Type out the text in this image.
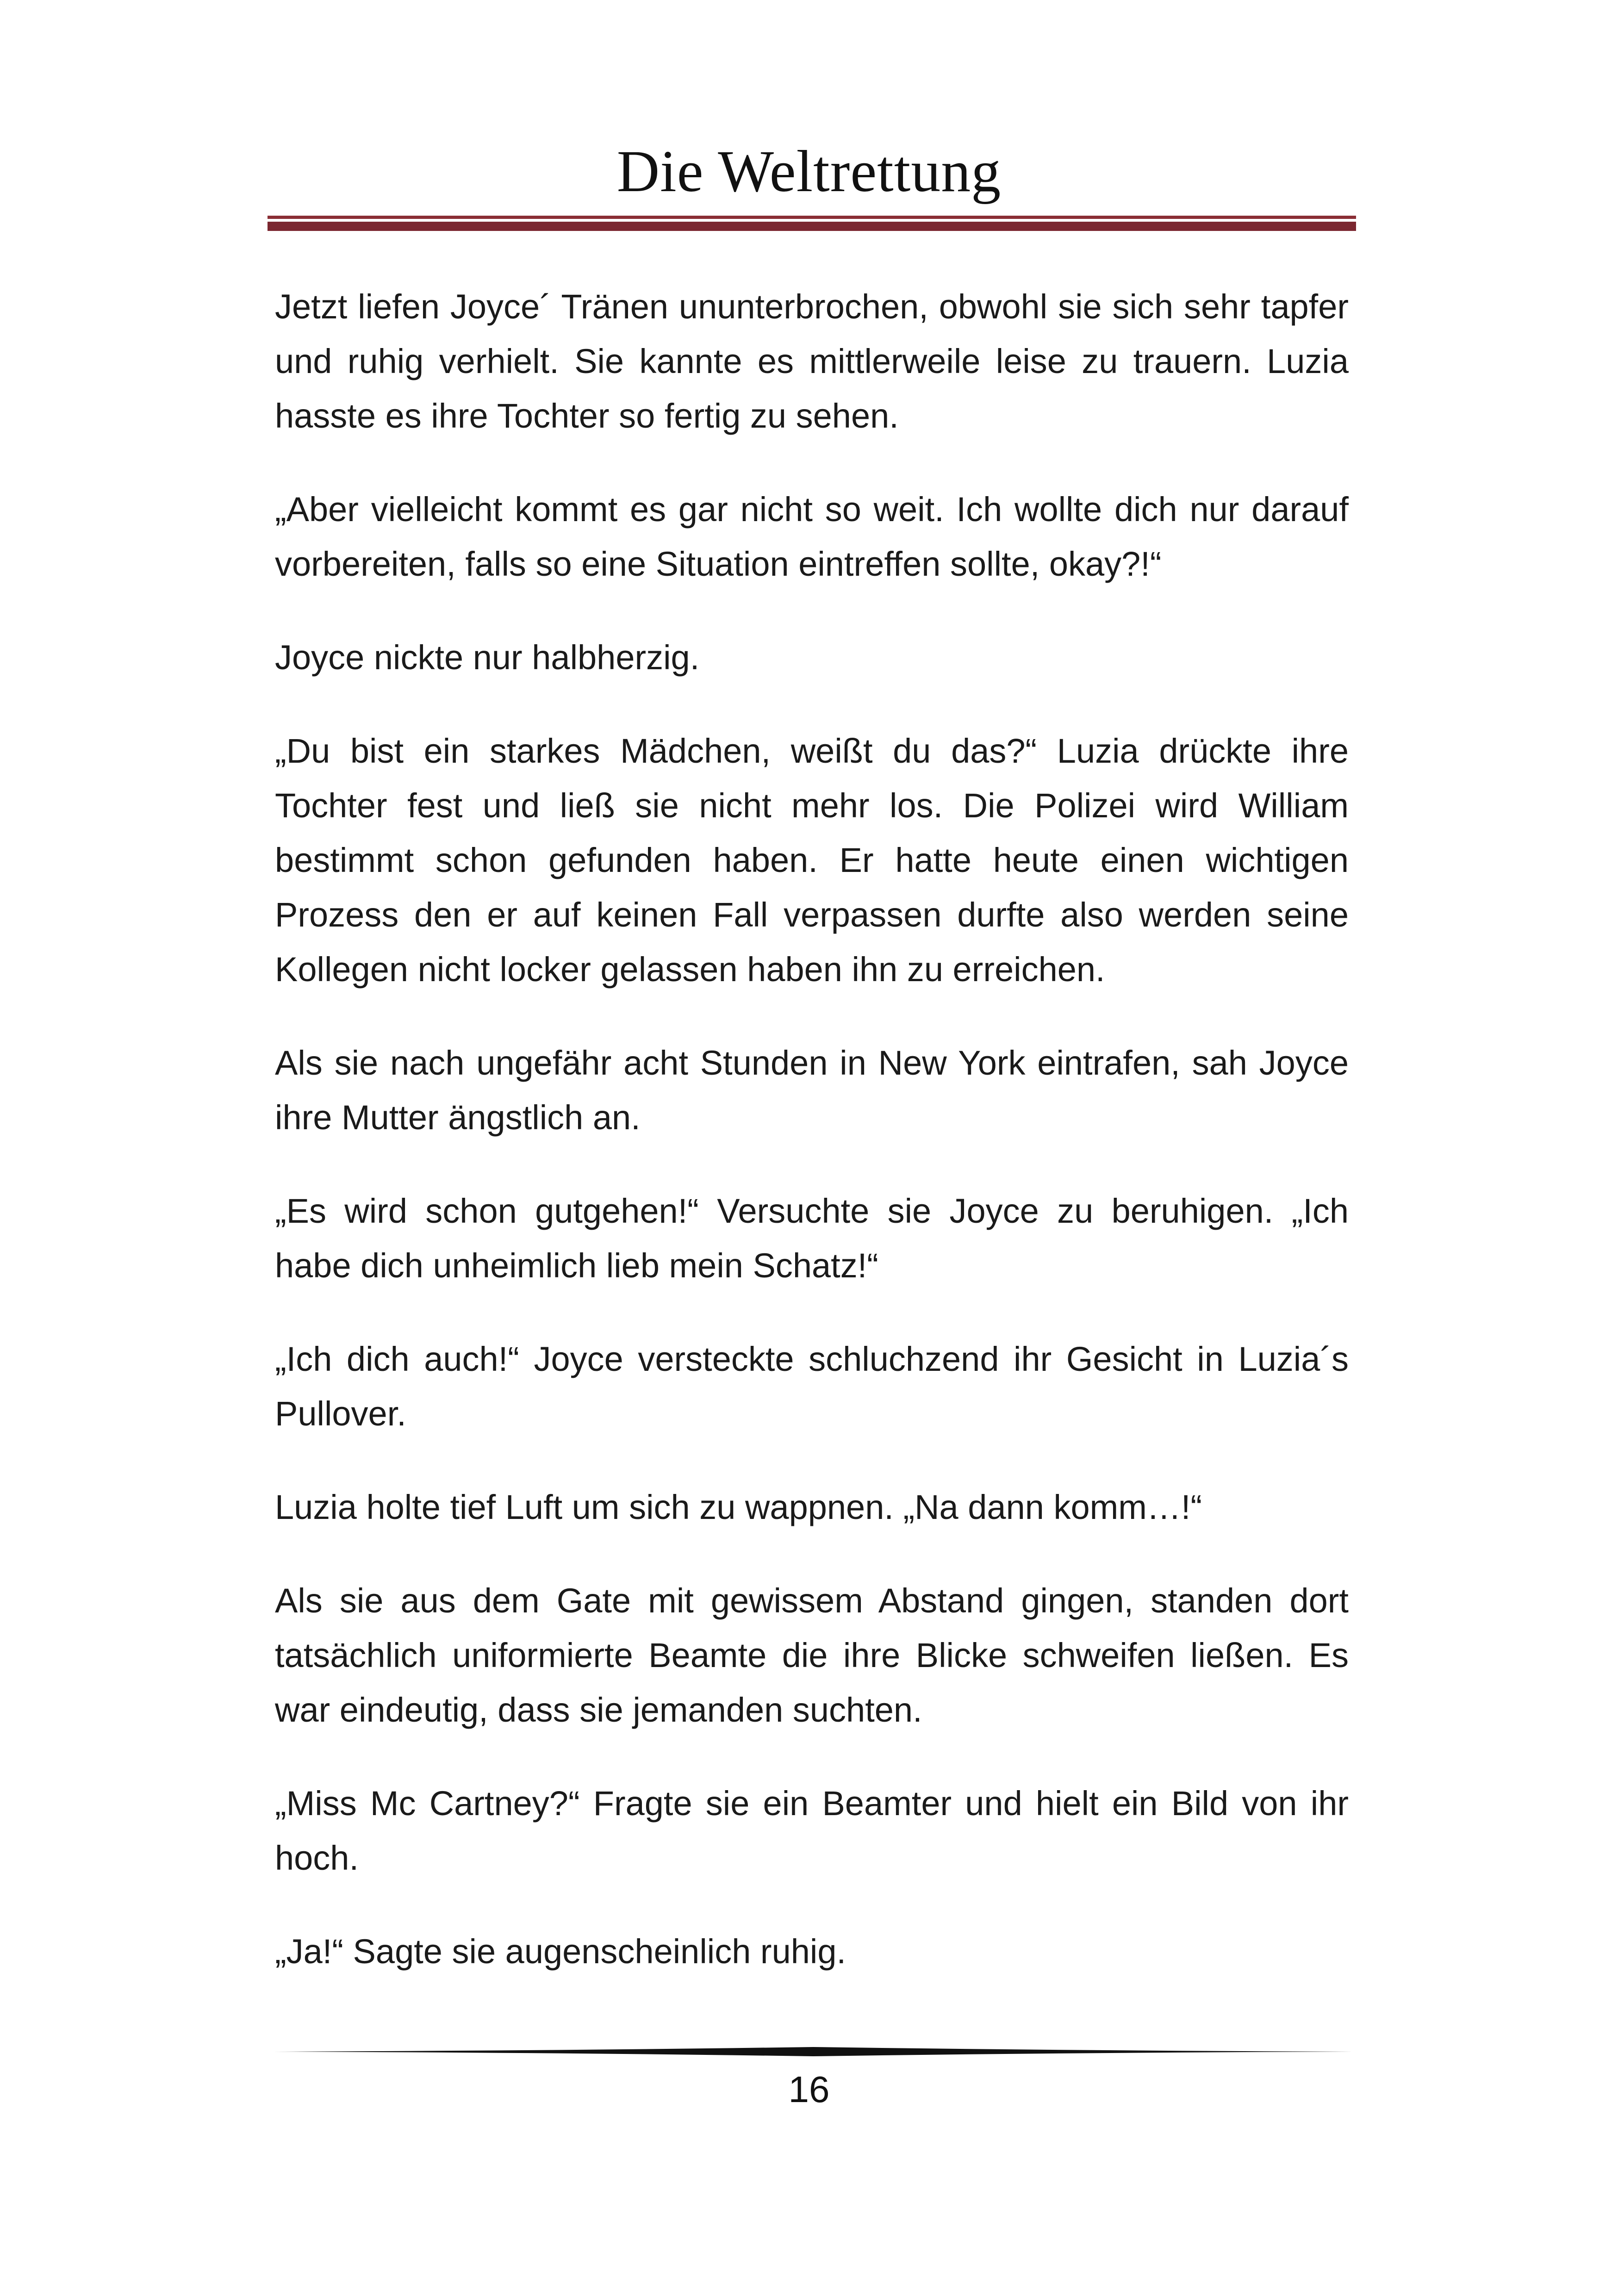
Die Weltrettung

Jetzt liefen Joyce´ Tränen ununterbrochen, obwohl sie sich sehr tapfer und ruhig verhielt. Sie kannte es mittlerweile leise zu trauern. Luzia hasste es ihre Tochter so fertig zu sehen.

„Aber vielleicht kommt es gar nicht so weit. Ich wollte dich nur darauf vorbereiten, falls so eine Situation eintreffen sollte, okay?!“

Joyce nickte nur halbherzig.

„Du bist ein starkes Mädchen, weißt du das?“ Luzia drückte ihre Tochter fest und ließ sie nicht mehr los. Die Polizei wird William bestimmt schon gefunden haben. Er hatte heute einen wichtigen Prozess den er auf keinen Fall verpassen durfte also werden seine Kollegen nicht locker gelassen haben ihn zu erreichen.

Als sie nach ungefähr acht Stunden in New York eintrafen, sah Joyce ihre Mutter ängstlich an.

„Es wird schon gutgehen!“ Versuchte sie Joyce zu beruhigen. „Ich habe dich unheimlich lieb mein Schatz!“

„Ich dich auch!“ Joyce versteckte schluchzend ihr Gesicht in Luzia´s Pullover.

Luzia holte tief Luft um sich zu wappnen. „Na dann komm…!“

Als sie aus dem Gate mit gewissem Abstand gingen, standen dort tatsächlich uniformierte Beamte die ihre Blicke schweifen ließen. Es war eindeutig, dass sie jemanden suchten.

„Miss Mc Cartney?“ Fragte sie ein Beamter und hielt ein Bild von ihr hoch.

„Ja!“ Sagte sie augenscheinlich ruhig.

16
